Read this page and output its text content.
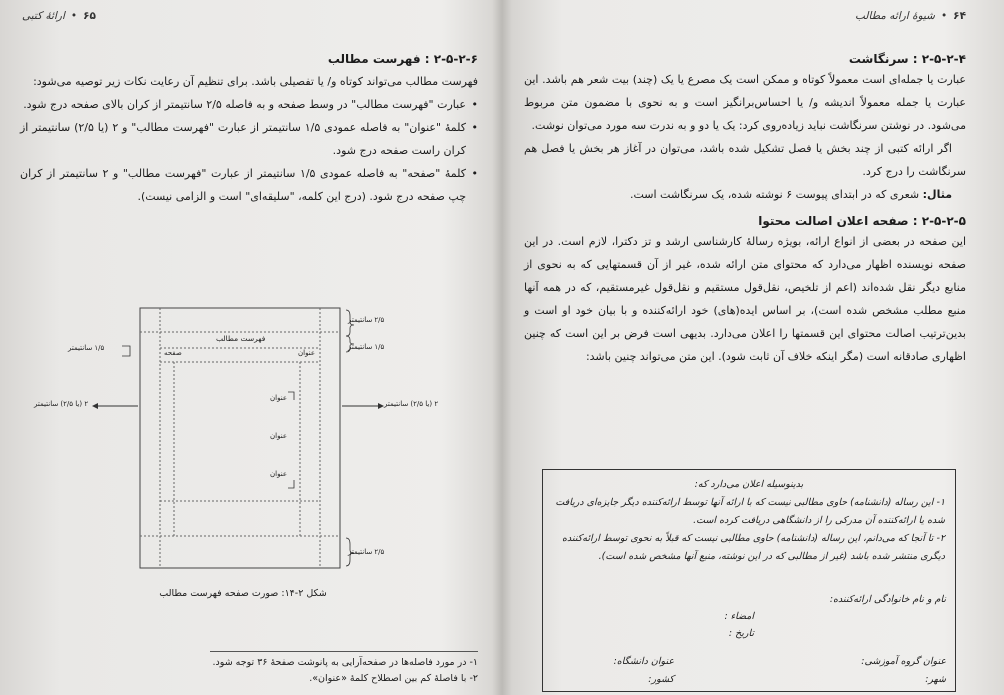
۶۵
•
ارائهٔ کتبی

۲-۵-۲-۶ : فهرست مطالب

فهرست مطالب می‌تواند کوتاه و/ یا تفصیلی باشد. برای تنظیم آن رعایت نکات زیر توصیه می‌شود:

• عبارت "فهرست مطالب" در وسط صفحه و به فاصله ۲/۵ سانتیمتر از کران بالای صفحه درج شود.
• کلمهٔ "عنوان" به فاصله عمودی ۱/۵ سانتیمتر از عبارت "فهرست مطالب" و ۲ (یا ۲/۵) سانتیمتر از کران راست صفحه درج شود.
• کلمهٔ "صفحه" به فاصله عمودی ۱/۵ سانتیمتر از عبارت "فهرست مطالب" و ۲ سانتیمتر از کران چپ صفحه درج شود. (درج این کلمه، "سلیقه‌ای" است و الزامی نیست).
۲/۵ سانتیمتر
۱/۵ سانتیمتر
۱/۵ سانتیمتر
فهرست مطالب
عنوان
صفحه
۲ (یا ۲/۵) سانتیمتر	۲ (یا ۲/۵) سانتیمتر
عنوان
عنوان
عنوان
۲/۵ سانتیمتر
شکل ۲-۱۴: صورت صفحه فهرست مطالب
۱- در مورد فاصله‌ها در صفحه‌آرایی به پانوشت صفحهٔ ۳۶ توجه شود.
۲- با فاصلهٔ کم بین اصطلاح کلمهٔ «عنوان».
۶۴
•
شیوهٔ ارائه مطالب

۲-۵-۲-۴ : سرنگاشت

عبارت یا جمله‌ای است معمولاً کوتاه و ممکن است یک مصرع یا یک (چند) بیت شعر هم باشد. این عبارت یا جمله معمولاً اندیشه و/ یا احساس‌برانگیز است و به نحوی با مضمون متن مربوط می‌شود. در نوشتن سرنگاشت نباید زیاده‌روی کرد: یک یا دو و به ندرت سه مورد می‌توان نوشت.

اگر ارائه کتبی از چند بخش یا فصل تشکیل شده باشد، می‌توان در آغاز هر بخش یا فصل هم سرنگاشت را درج کرد.

مثال: شعری که در ابتدای پیوست ۶ نوشته شده، یک سرنگاشت است.

۲-۵-۲-۵ : صفحه اعلان اصالت محتوا

این صفحه در بعضی از انواع ارائه، بویژه رسالهٔ کارشناسی ارشد و تز دکترا، لازم است. در این صفحه نویسنده اظهار می‌دارد که محتوای متن ارائه شده، غیر از آن قسمتهایی که به نحوی از منابع دیگر نقل شده‌اند (اعم از تلخیص، نقل‌قول مستقیم و نقل‌قول غیرمستقیم، که در همه آنها منبع مطلب مشخص شده است)، بر اساس ایده(های) خود ارائه‌کننده و با بیان خود او است و بدین‌ترتیب اصالت محتوای این قسمتها را اعلان می‌دارد. بدیهی است فرض بر این است که چنین اظهاری صادقانه است (مگر اینکه خلاف آن ثابت شود). این متن می‌تواند چنین باشد:

بدینوسیله اعلان می‌دارد که:

۱- این رساله (دانشنامه) حاوی مطالبی نیست که با ارائه آنها توسط ارائه‌کننده دیگر جایزه‌ای دریافت شده یا ارائه‌کننده آن مدرکی را از دانشگاهی دریافت کرده است.

۲- تا آنجا که می‌دانم، این رساله (دانشنامه) حاوی مطالبی نیست که قبلاً به نحوی توسط ارائه‌کننده دیگری منتشر شده باشد (غیر از مطالبی که در این نوشته، منبع آنها مشخص شده است).

نام و نام خانوادگی ارائه‌کننده:
امضاء :
تاریخ :
عنوان گروه آموزشی:
عنوان دانشگاه:
شهر:
کشور:
